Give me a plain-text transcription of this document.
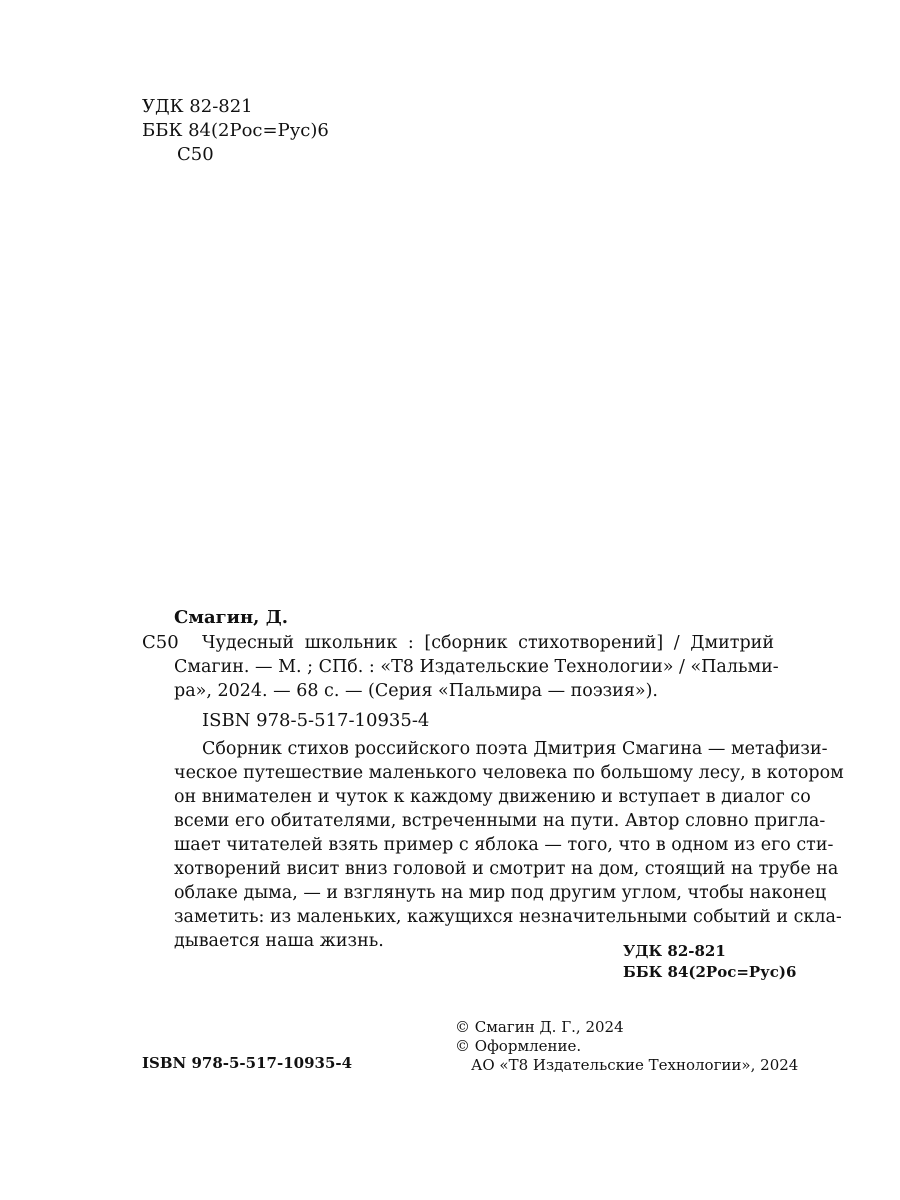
УДК 82-821
ББК 84(2Рос=Рус)6
С50
Смагин, Д.
С50 Чудесный школьник : [сборник стихотворений] / Дмитрий
Смагин. — М. ; СПб. : «Т8 Издательские Технологии» / «Пальми-
ра», 2024. — 68 с. — (Серия «Пальмира — поэзия»).
ISBN 978-5-517-10935-4
Сборник стихов российского поэта Дмитрия Смагина — метафизи-
ческое путешествие маленького человека по большому лесу, в котором
он внимателен и чуток к каждому движению и вступает в диалог со
всеми его обитателями, встреченными на пути. Автор словно пригла-
шает читателей взять пример с яблока — того, что в одном из его сти-
хотворений висит вниз головой и смотрит на дом, стоящий на трубе на
облаке дыма, — и взглянуть на мир под другим углом, чтобы наконец
заметить: из маленьких, кажущихся незначительными событий и скла-
дывается наша жизнь.	УДК 82-821
ББК 84(2Рос=Рус)6
ISBN 978-5-517-10935-4
© Смагин Д. Г., 2024
© Оформление.
АО «Т8 Издательские Технологии», 2024
